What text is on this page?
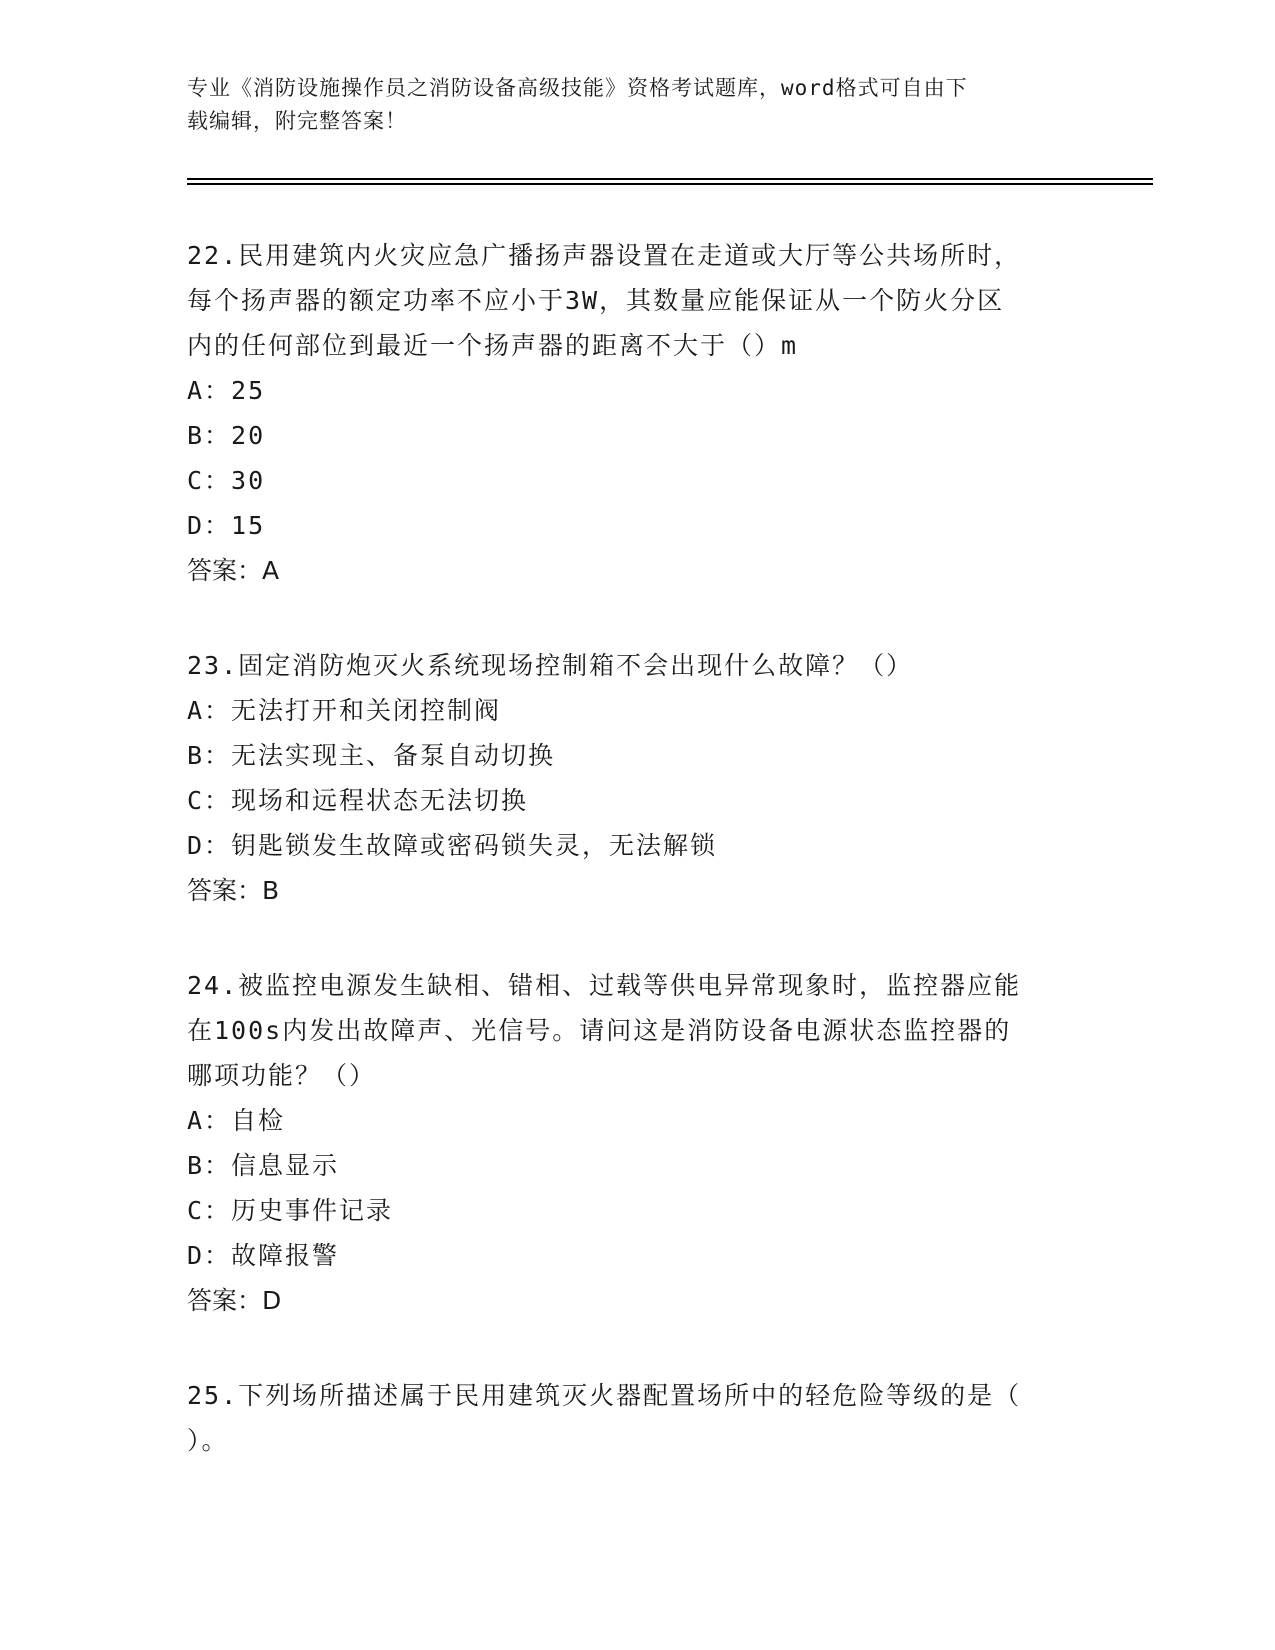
专业《消防设施操作员之消防设备高级技能》资格考试题库，word格式可自由下
载编辑，附完整答案！

22.民用建筑内火灾应急广播扬声器设置在走道或大厅等公共场所时，

每个扬声器的额定功率不应小于3W，其数量应能保证从一个防火分区

内的任何部位到最近一个扬声器的距离不大于（）m

A：25

B：20

C：30

D：15

答案：A

23.固定消防炮灭火系统现场控制箱不会出现什么故障？（）

A：无法打开和关闭控制阀

B：无法实现主、备泵自动切换

C：现场和远程状态无法切换

D：钥匙锁发生故障或密码锁失灵，无法解锁

答案：B

24.被监控电源发生缺相、错相、过载等供电异常现象时，监控器应能

在100s内发出故障声、光信号。请问这是消防设备电源状态监控器的

哪项功能？（）

A：自检

B：信息显示

C：历史事件记录

D：故障报警

答案：D

25.下列场所描述属于民用建筑灭火器配置场所中的轻危险等级的是（

）。
